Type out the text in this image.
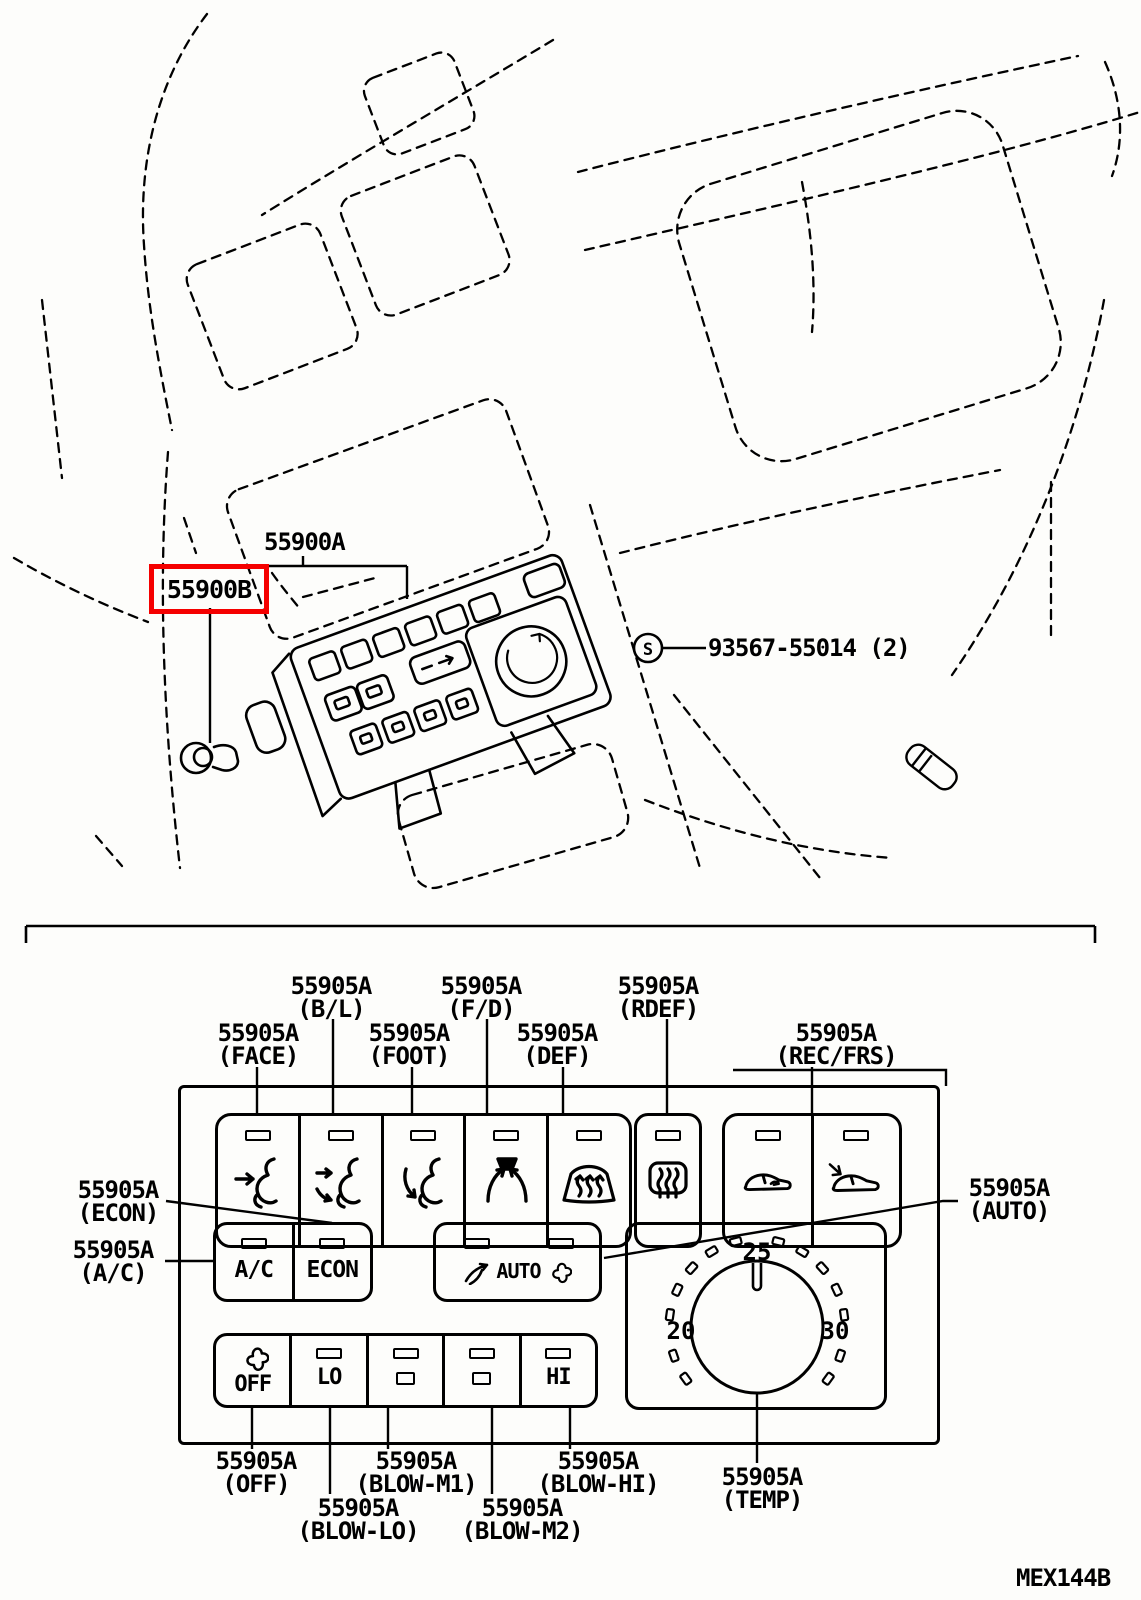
S
55900A
55900B
93567-55014 (2)
55905A
(B/L)
55905A
(F/D)
55905A
(RDEF)
55905A
(FACE)
55905A
(FOOT)
55905A
(DEF)
55905A
(REC/FRS)
55905A
(ECON)
55905A
(A/C)
55905A
(AUTO)
55905A
(OFF)
55905A
(BLOW-M1)
55905A
(BLOW-HI)
55905A
(BLOW-LO)
55905A
(BLOW-M2)
55905A
(TEMP)
MEX144B
A/C ECON	AUTO
20
25
30
OFF LO	HI
